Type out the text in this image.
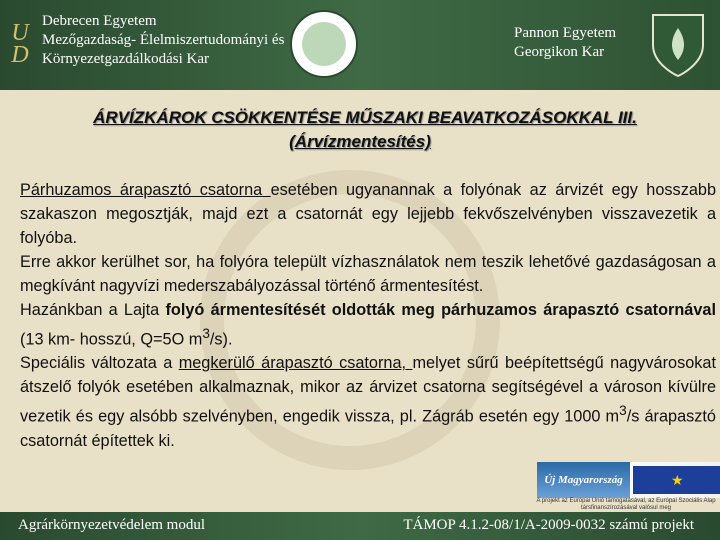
U
D
Debrecen Egyetem
Mezőgazdaság- Élelmiszertudományi és
Környezetgazdálkodási Kar
Pannon Egyetem
Georgikon Kar
ÁRVÍZKÁROK CSÖKKENTÉSE MŰSZAKI BEAVATKOZÁSOKKAL III.
(Árvízmentesítés)

Párhuzamos árapasztó csatorna esetében ugyanannak a folyónak az árvizét egy hosszabb szakaszon megosztják, majd ezt a csatornát egy lejjebb fekvőszelvényben visszavezetik a folyóba.

Erre akkor kerülhet sor, ha folyóra települt vízhasználatok nem teszik lehetővé gazdaságosan a megkívánt nagyvízi mederszabályozással történő ármentesítést.

Hazánkban a Lajta folyó ármentesítését oldották meg párhuzamos árapasztó csatornával (13 km- hosszú, Q=5O $m^3/s$).

Speciális változata a megkerülő árapasztó csatorna, melyet sűrű beépítettségű nagyvárosokat átszelő folyók esetében alkalmaznak, mikor az árvizet csatorna segítségével a városon kívülre vezetik és egy alsóbb szelvényben, engedik vissza, pl. Zágráb esetén egy 1000 $m^3/s$ árapasztó csatornát építettek ki.

Új Magyarország	★
A projekt az Európai Unió támogatásával, az Európai Szociális Alap társfinanszírozásával valósul meg
Agrárkörnyezetvédelem modul	TÁMOP 4.1.2-08/1/A-2009-0032 számú projekt
